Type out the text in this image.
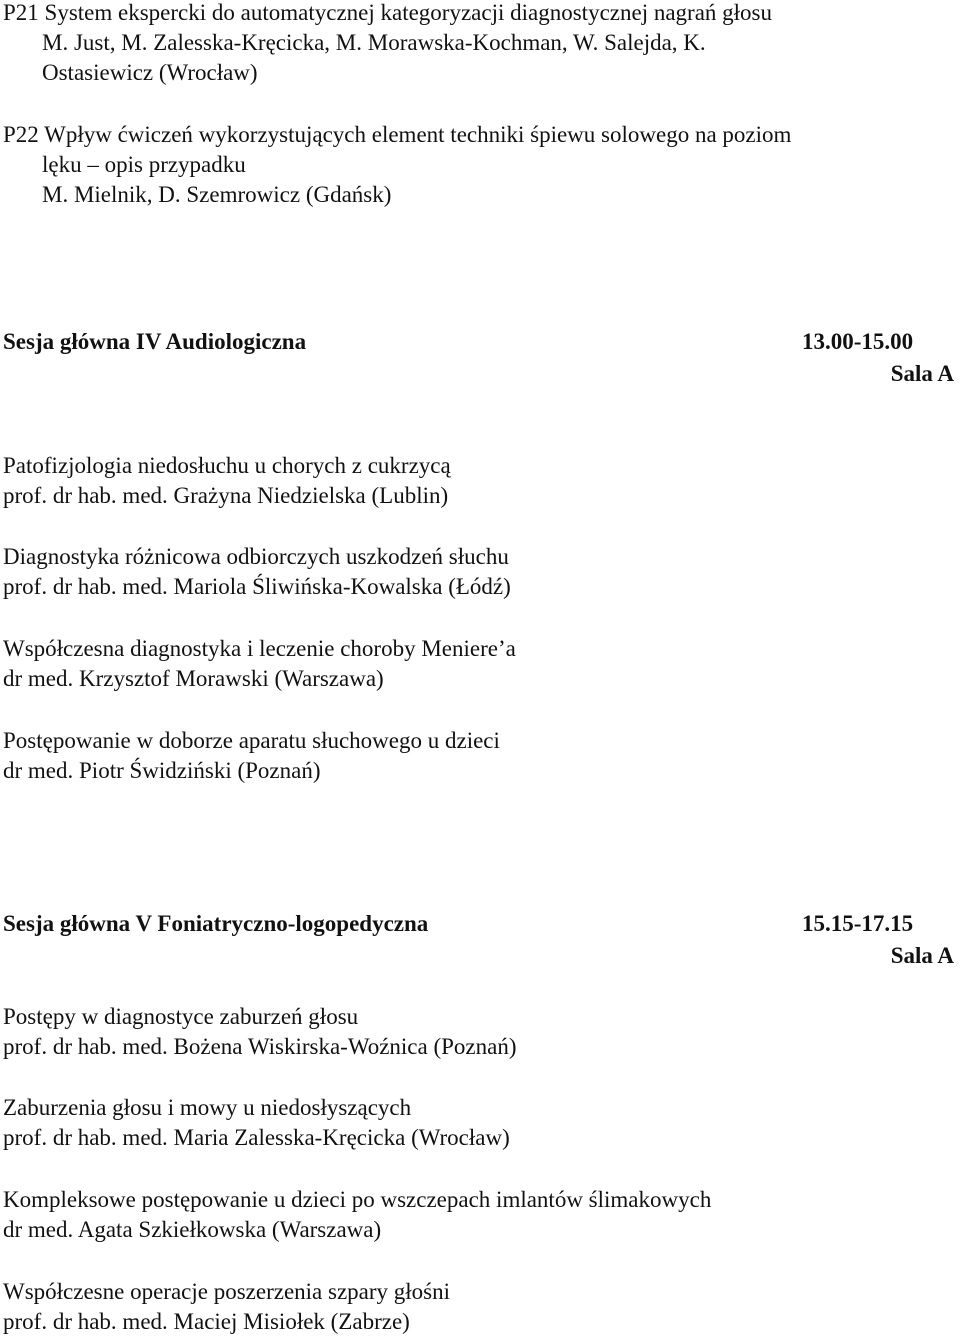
P21 System ekspercki do automatycznej kategoryzacji diagnostycznej nagrań głosu
M. Just, M. Zalesska-Kręcicka, M. Morawska-Kochman, W. Salejda, K.
Ostasiewicz (Wrocław)
P22 Wpływ ćwiczeń wykorzystujących element techniki śpiewu solowego na poziom
lęku – opis przypadku
M. Mielnik, D. Szemrowicz (Gdańsk)
Sesja główna IV Audiologiczna	13.00-15.00
Sala A
Patofizjologia niedosłuchu u chorych z cukrzycą
prof. dr hab. med. Grażyna Niedzielska (Lublin)
Diagnostyka różnicowa odbiorczych uszkodzeń słuchu
prof. dr hab. med. Mariola Śliwińska-Kowalska (Łódź)
Współczesna diagnostyka i leczenie choroby Meniere’a
dr med. Krzysztof Morawski (Warszawa)
Postępowanie w doborze aparatu słuchowego u dzieci
dr med. Piotr Świdziński (Poznań)
Sesja główna V Foniatryczno-logopedyczna	15.15-17.15
Sala A
Postępy w diagnostyce zaburzeń głosu
prof. dr hab. med. Bożena Wiskirska-Woźnica (Poznań)
Zaburzenia głosu i mowy u niedosłyszących
prof. dr hab. med. Maria Zalesska-Kręcicka (Wrocław)
Kompleksowe postępowanie u dzieci po wszczepach imlantów ślimakowych
dr med. Agata Szkiełkowska (Warszawa)
Współczesne operacje poszerzenia szpary głośni
prof. dr hab. med. Maciej Misiołek (Zabrze)
